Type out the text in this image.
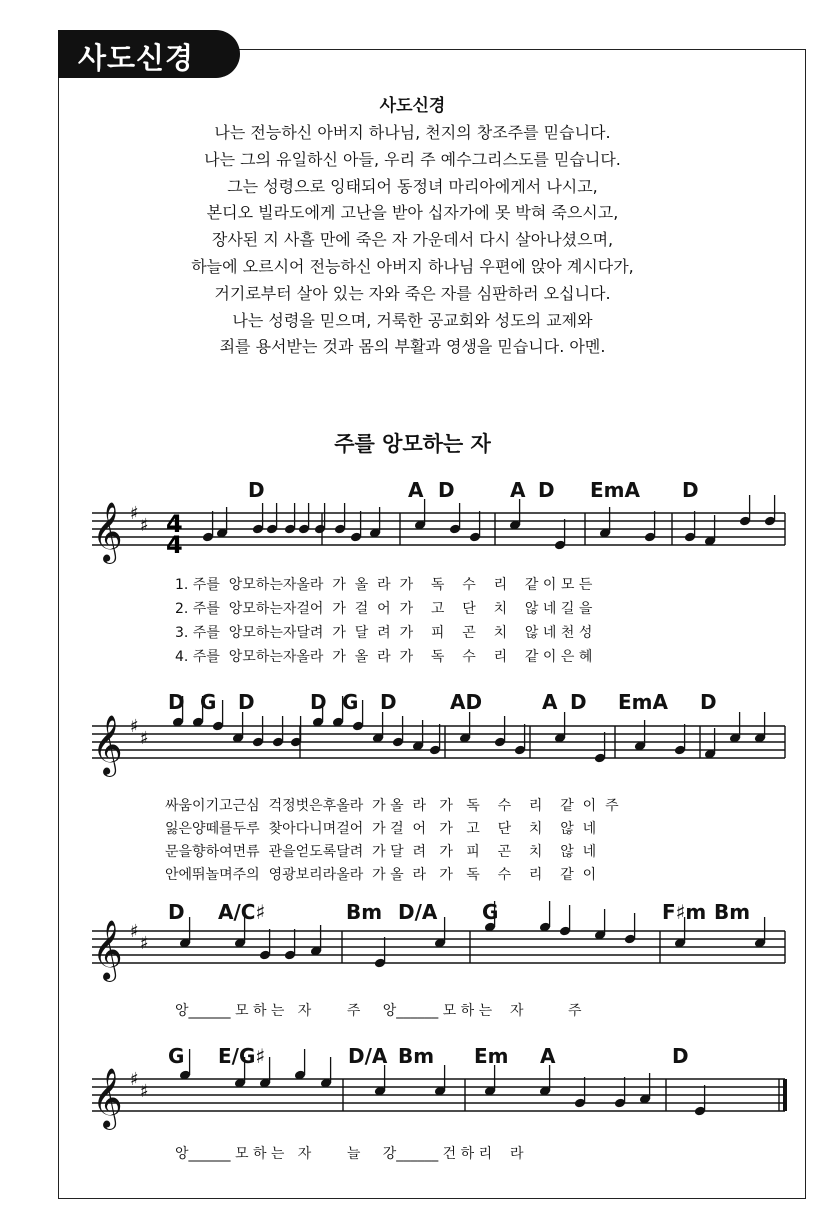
사도신경
사도신경
나는 전능하신 아버지 하나님, 천지의 창조주를 믿습니다.
나는 그의 유일하신 아들, 우리 주 예수그리스도를 믿습니다.
그는 성령으로 잉태되어 동정녀 마리아에게서 나시고,
본디오 빌라도에게 고난을 받아 십자가에 못 박혀 죽으시고,
장사된 지 사흘 만에 죽은 자 가운데서 다시 살아나셨으며,
하늘에 오르시어 전능하신 아버지 하나님 우편에 앉아 계시다가,
거기로부터 살아 있는 자와 죽은 자를 심판하러 오십니다.
나는 성령을 믿으며, 거룩한 공교회와 성도의 교제와
죄를 용서받는 것과 몸의 부활과 영생을 믿습니다. 아멘.
주를 앙모하는 자
D	A D	A D EmA D
1. 주를  앙모하는자올라  가  올  라  가    독    수    리    같 이 모 든
2. 주를  앙모하는자걸어  가  걸  어  가    고    단    치    않 네 길 을
3. 주를  앙모하는자달려  가  달  려  가    피    곤    치    않 네 천 성
4. 주를  앙모하는자올라  가  올  라  가    독    수    리    같 이 은 혜
D G D	D G D	AD	A D EmA D
싸움이기고근심  걱정벗은후올라  가 올  라   가   독    수    리    같  이  주
잃은양떼를두루  찾아다니며걸어  가 걸  어   가   고    단    치    않  네
문을향하여면류  관을얻도록달려  가 달  려   가   피    곤    치    않  네
안에뛰놀며주의  영광보리라올라  가 올  라   가   독    수    리    같  이
D A/C♯	Bm D/A G	F♯m Bm
앙______ 모 하 는   자        주     앙______ 모 하 는    자          주
G E/G♯	D/A Bm Em A	D
앙______ 모 하 는   자        늘     강______ 건 하 리    라
𝄞 ♯
♯
𝄞 ♯
♯
𝄞 ♯
♯
𝄞 ♯
♯
4
4
